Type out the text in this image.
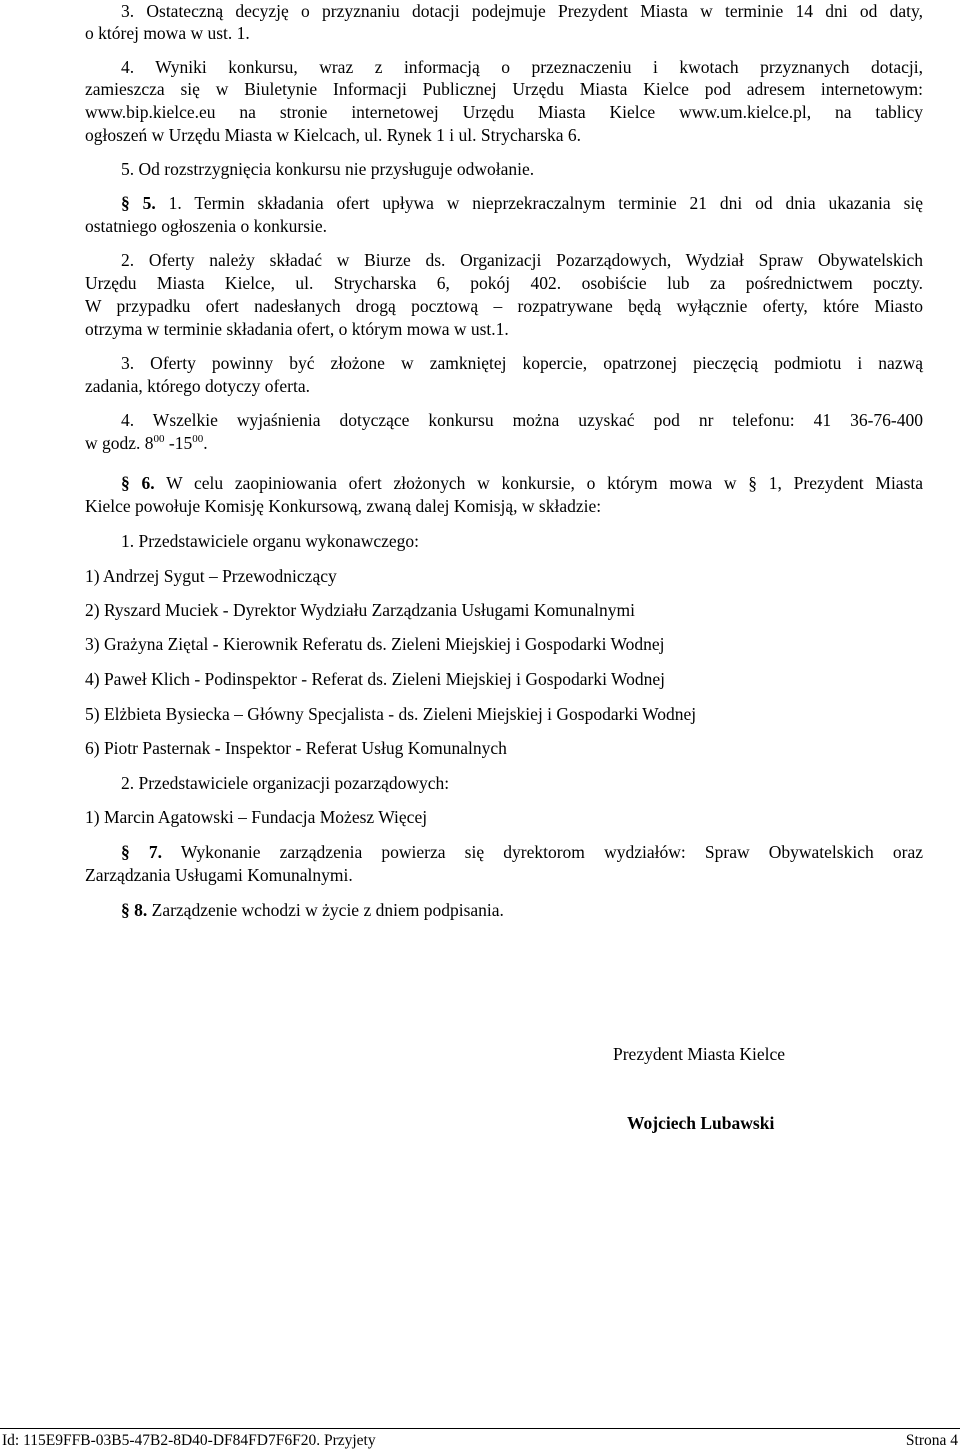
3. Ostateczną decyzję o przyznaniu dotacji podejmuje Prezydent Miasta w terminie 14 dni od daty,
o której mowa w ust. 1.
4. Wyniki konkursu, wraz z informacją o przeznaczeniu i kwotach przyznanych dotacji,
zamieszcza się w Biuletynie Informacji Publicznej Urzędu Miasta Kielce pod adresem internetowym:
www.bip.kielce.eu na stronie internetowej Urzędu Miasta Kielce www.um.kielce.pl, na tablicy
ogłoszeń w Urzędu Miasta w Kielcach, ul. Rynek 1 i ul. Strycharska 6.
5. Od rozstrzygnięcia konkursu nie przysługuje odwołanie.
§ 5. 1. Termin składania ofert upływa w nieprzekraczalnym terminie 21 dni od dnia ukazania się
ostatniego ogłoszenia o konkursie.
2. Oferty należy składać w Biurze ds. Organizacji Pozarządowych, Wydział Spraw Obywatelskich
Urzędu Miasta Kielce, ul. Strycharska 6, pokój 402. osobiście lub za pośrednictwem poczty.
W przypadku ofert nadesłanych drogą pocztową – rozpatrywane będą wyłącznie oferty, które Miasto
otrzyma w terminie składania ofert, o którym mowa w ust.1.
3. Oferty powinny być złożone w zamkniętej kopercie, opatrzonej pieczęcią podmiotu i nazwą
zadania, którego dotyczy oferta.
4. Wszelkie wyjaśnienia dotyczące konkursu można uzyskać pod nr telefonu: 41 36-76-400
w godz. $8^{00}$ $-15^{00}$.
§ 6. W celu zaopiniowania ofert złożonych w konkursie, o którym mowa w § 1, Prezydent Miasta
Kielce powołuje Komisję Konkursową, zwaną dalej Komisją, w składzie:
1. Przedstawiciele organu wykonawczego:
1) Andrzej Sygut – Przewodniczący
2) Ryszard Muciek - Dyrektor Wydziału Zarządzania Usługami Komunalnymi
3) Grażyna Ziętal - Kierownik Referatu ds. Zieleni Miejskiej i Gospodarki Wodnej
4) Paweł Klich - Podinspektor - Referat ds. Zieleni Miejskiej i Gospodarki Wodnej
5) Elżbieta Bysiecka – Główny Specjalista - ds. Zieleni Miejskiej i Gospodarki Wodnej
6) Piotr Pasternak - Inspektor - Referat Usług Komunalnych
2. Przedstawiciele organizacji pozarządowych:
1) Marcin Agatowski – Fundacja Możesz Więcej
§ 7. Wykonanie zarządzenia powierza się dyrektorom wydziałów: Spraw Obywatelskich oraz
Zarządzania Usługami Komunalnymi.
§ 8. Zarządzenie wchodzi w życie z dniem podpisania.
Prezydent Miasta Kielce
Wojciech Lubawski
Id: 115E9FFB-03B5-47B2-8D40-DF84FD7F6F20. Przyjety	Strona 4
